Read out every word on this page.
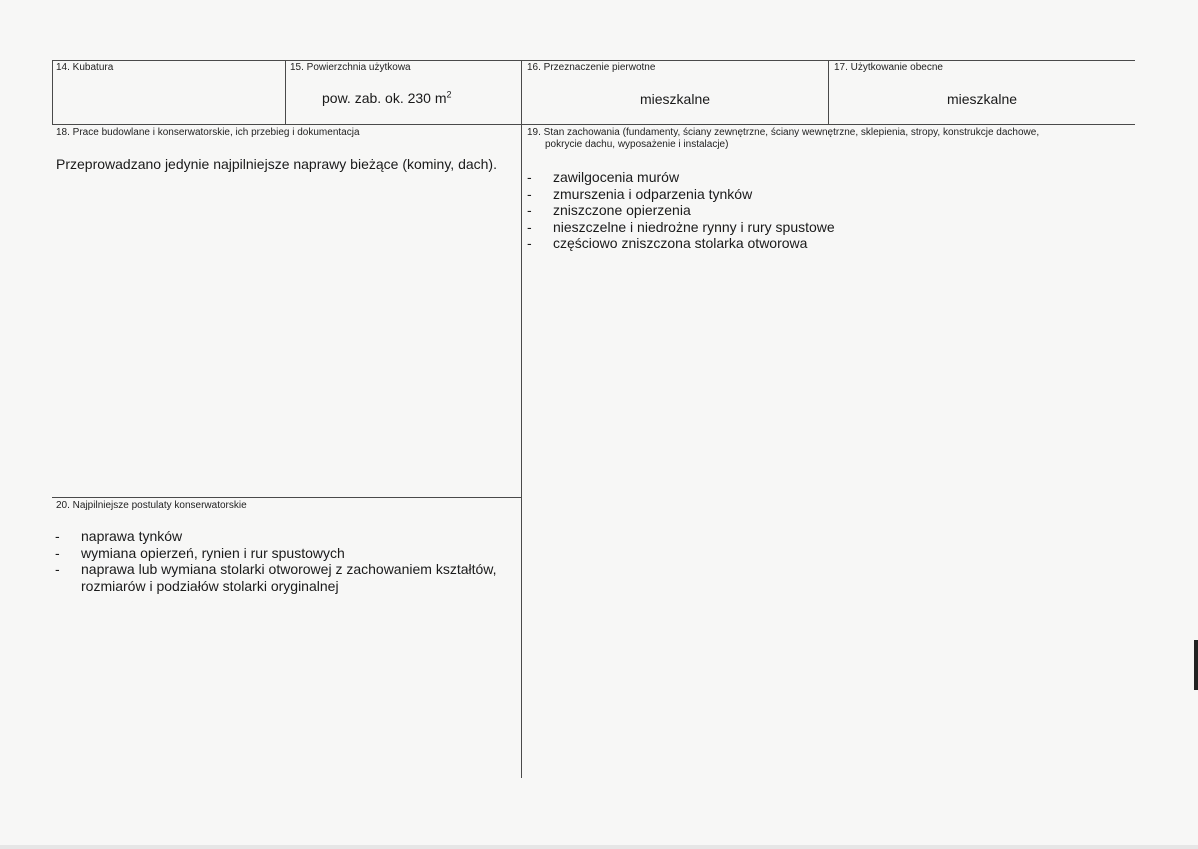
14. Kubatura	15. Powierzchnia użytkowa
pow. zab. ok. 230 $m^2$
16. Przeznaczenie pierwotne
mieszkalne
17. Użytkowanie obecne
mieszkalne
18. Prace budowlane i konserwatorskie, ich przebieg i dokumentacja
Przeprowadzano jedynie najpilniejsze naprawy bieżące (kominy, dach).
19. Stan zachowania (fundamenty, ściany zewnętrzne, ściany wewnętrzne, sklepienia, stropy, konstrukcje dachowe,
pokrycie dachu, wyposażenie i instalacje)
-	zawilgocenia murów
-	zmurszenia i odparzenia tynków
-	zniszczone opierzenia
-	nieszczelne i niedrożne rynny i rury spustowe
-	częściowo zniszczona stolarka otworowa
20. Najpilniejsze postulaty konserwatorskie
-	naprawa tynków
-	wymiana opierzeń, rynien i rur spustowych
-	naprawa lub wymiana stolarki otworowej z zachowaniem kształtów,
rozmiarów i podziałów stolarki oryginalnej
